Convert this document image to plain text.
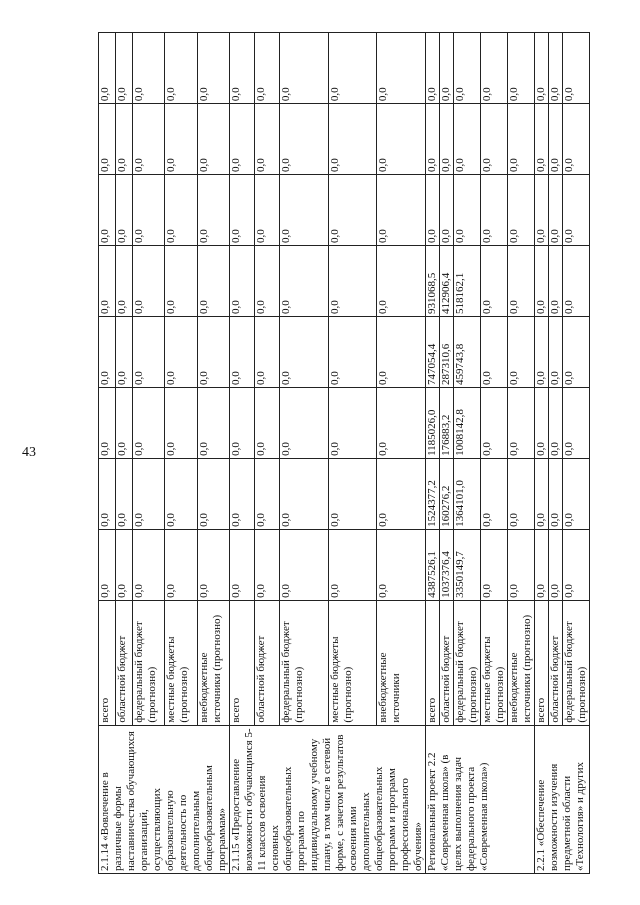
43
2.1.14 «Вовлечение в различные формы наставничества обучающихся организаций, осуществляющих образовательную деятельность по дополнительным общеобразовательным программам»	всего	0,0	0,0	0,0	0,0	0,0	0,0	0,0	0,0
	областной бюджет	0,0	0,0	0,0	0,0	0,0	0,0	0,0	0,0
	федеральный бюджет (прогнозно)	0,0	0,0	0,0	0,0	0,0	0,0	0,0	0,0
	местные бюджеты (прогнозно)	0,0	0,0	0,0	0,0	0,0	0,0	0,0	0,0
	внебюджетные источники (прогнозно)	0,0	0,0	0,0	0,0	0,0	0,0	0,0	0,0
2.1.15 «Предоставление возможности обучающимся 5-11 классов освоения основных общеобразовательных программ по индивидуальному учебному плану, в том числе в сетевой форме, с зачетом результатов освоения ими дополнительных общеобразовательных программ и программ профессионального обучения»	всего	0,0	0,0	0,0	0,0	0,0	0,0	0,0	0,0
	областной бюджет	0,0	0,0	0,0	0,0	0,0	0,0	0,0	0,0
	федеральный бюджет (прогнозно)	0,0	0,0	0,0	0,0	0,0	0,0	0,0	0,0
	местные бюджеты (прогнозно)	0,0	0,0	0,0	0,0	0,0	0,0	0,0	0,0
	внебюджетные источники	0,0	0,0	0,0	0,0	0,0	0,0	0,0	0,0
Региональный проект 2.2 «Современная школа» (в целях выполнения задач федерального проекта «Современная школа»)	всего	4387526,1	1524377,2	1185026,0	747054,4	931068,5	0,0	0,0	0,0
	областной бюджет	1037376,4	160276,2	176883,2	287310,6	412906,4	0,0	0,0	0,0
	федеральный бюджет (прогнозно)	3350149,7	1364101,0	1008142,8	459743,8	518162,1	0,0	0,0	0,0
	местные бюджеты (прогнозно)	0,0	0,0	0,0	0,0	0,0	0,0	0,0	0,0
	внебюджетные источники (прогнозно)	0,0	0,0	0,0	0,0	0,0	0,0	0,0	0,0
2.2.1 «Обеспечение возможности изучения предметной области «Технология» и других	всего	0,0	0,0	0,0	0,0	0,0	0,0	0,0	0,0
	областной бюджет	0,0	0,0	0,0	0,0	0,0	0,0	0,0	0,0
	федеральный бюджет (прогнозно)	0,0	0,0	0,0	0,0	0,0	0,0	0,0	0,0
